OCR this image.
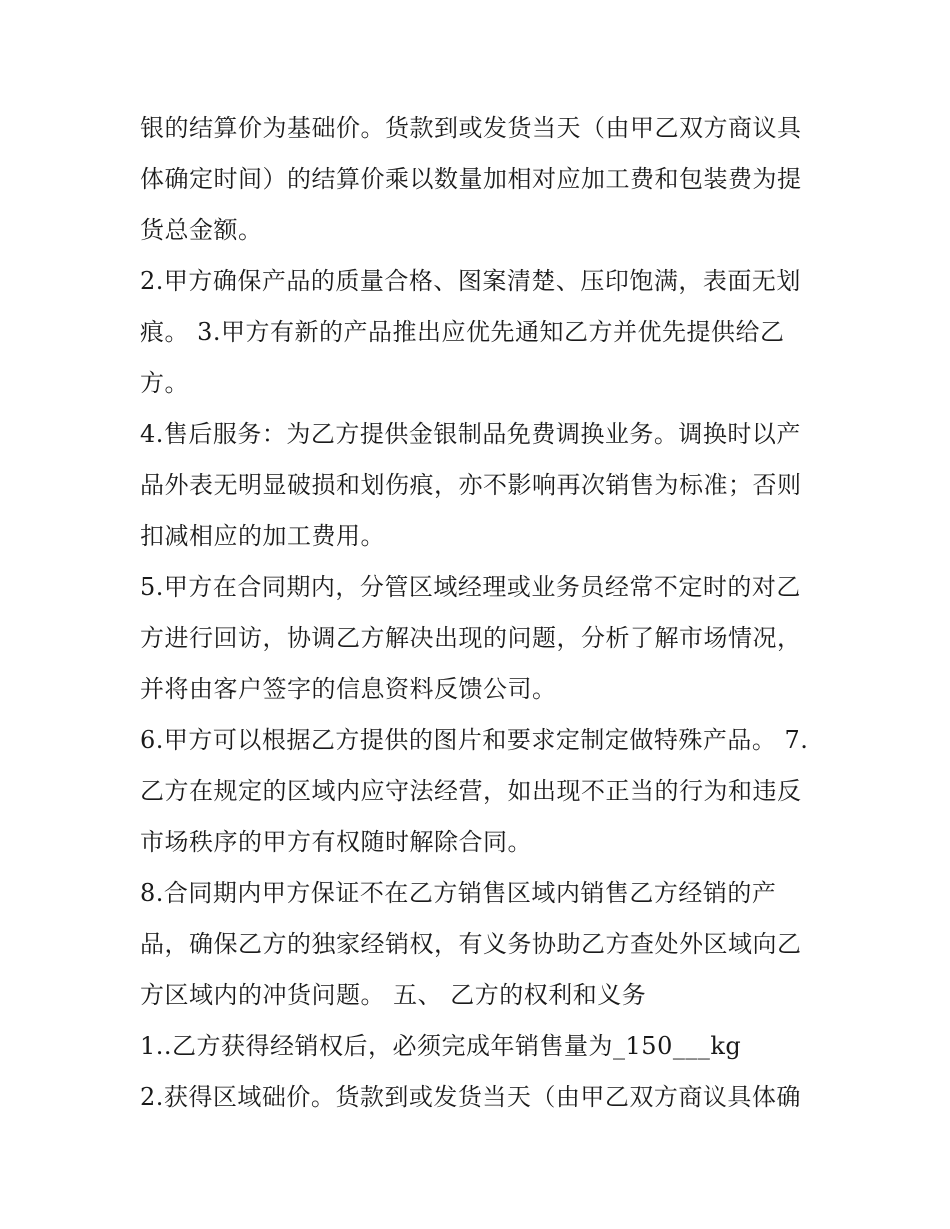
银的结算价为基础价。货款到或发货当天（由甲乙双方商议具
体确定时间）的结算价乘以数量加相对应加工费和包装费为提
货总金额。
2.甲方确保产品的质量合格、图案清楚、压印饱满，表面无划
痕。 3.甲方有新的产品推出应优先通知乙方并优先提供给乙
方。
4.售后服务：为乙方提供金银制品免费调换业务。调换时以产
品外表无明显破损和划伤痕，亦不影响再次销售为标准；否则
扣减相应的加工费用。
5.甲方在合同期内，分管区域经理或业务员经常不定时的对乙
方进行回访，协调乙方解决出现的问题，分析了解市场情况，
并将由客户签字的信息资料反馈公司。
6.甲方可以根据乙方提供的图片和要求定制定做特殊产品。 7.
乙方在规定的区域内应守法经营，如出现不正当的行为和违反
市场秩序的甲方有权随时解除合同。
8.合同期内甲方保证不在乙方销售区域内销售乙方经销的产
品，确保乙方的独家经销权，有义务协助乙方查处外区域向乙
方区域内的冲货问题。 五、 乙方的权利和义务
1..乙方获得经销权后，必须完成年销售量为_150___kg
2.获得区域础价。货款到或发货当天（由甲乙双方商议具体确
